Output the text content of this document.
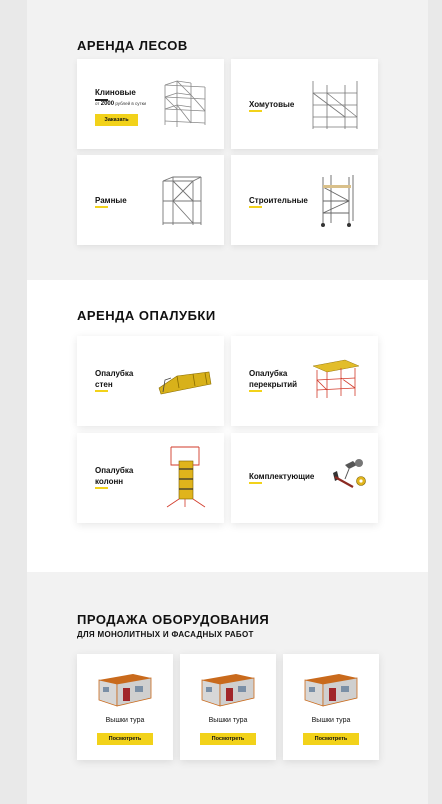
АРЕНДА ЛЕСОВ
Клиновые
от 2000 рублей в сутки
Заказать
Хомутовые
Рамные	Строительные
АРЕНДА ОПАЛУБКИ
Опалубка
стен
Опалубка
перекрытий
Опалубка
колонн
Комплектующие
ПРОДАЖА ОБОРУДОВАНИЯ
ДЛЯ МОНОЛИТНЫХ И ФАСАДНЫХ РАБОТ
Вышки тура
Посмотреть
Вышки тура
Посмотреть
Вышки тура
Посмотреть
